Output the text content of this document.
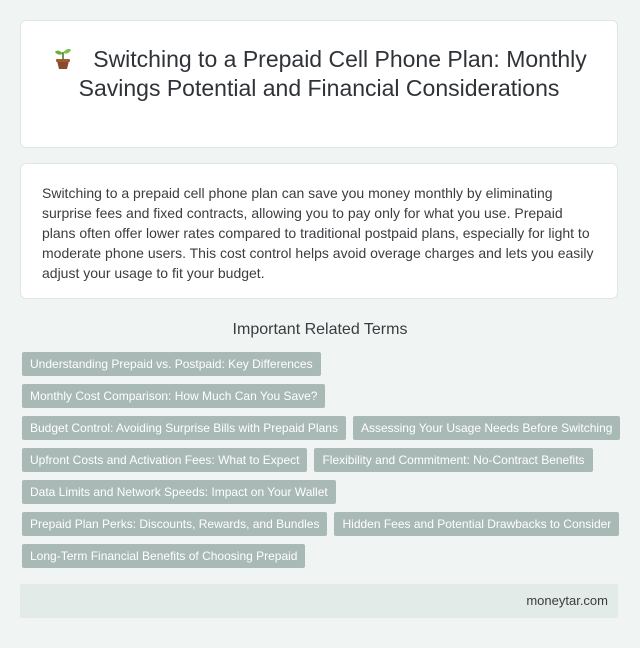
Switching to a Prepaid Cell Phone Plan: Monthly Savings Potential and Financial Considerations
Switching to a prepaid cell phone plan can save you money monthly by eliminating surprise fees and fixed contracts, allowing you to pay only for what you use. Prepaid plans often offer lower rates compared to traditional postpaid plans, especially for light to moderate phone users. This cost control helps avoid overage charges and lets you easily adjust your usage to fit your budget.
Important Related Terms
Understanding Prepaid vs. Postpaid: Key Differences
Monthly Cost Comparison: How Much Can You Save?
Budget Control: Avoiding Surprise Bills with Prepaid Plans	Assessing Your Usage Needs Before Switching
Upfront Costs and Activation Fees: What to Expect	Flexibility and Commitment: No-Contract Benefits
Data Limits and Network Speeds: Impact on Your Wallet
Prepaid Plan Perks: Discounts, Rewards, and Bundles	Hidden Fees and Potential Drawbacks to Consider
Long-Term Financial Benefits of Choosing Prepaid
moneytar.com
